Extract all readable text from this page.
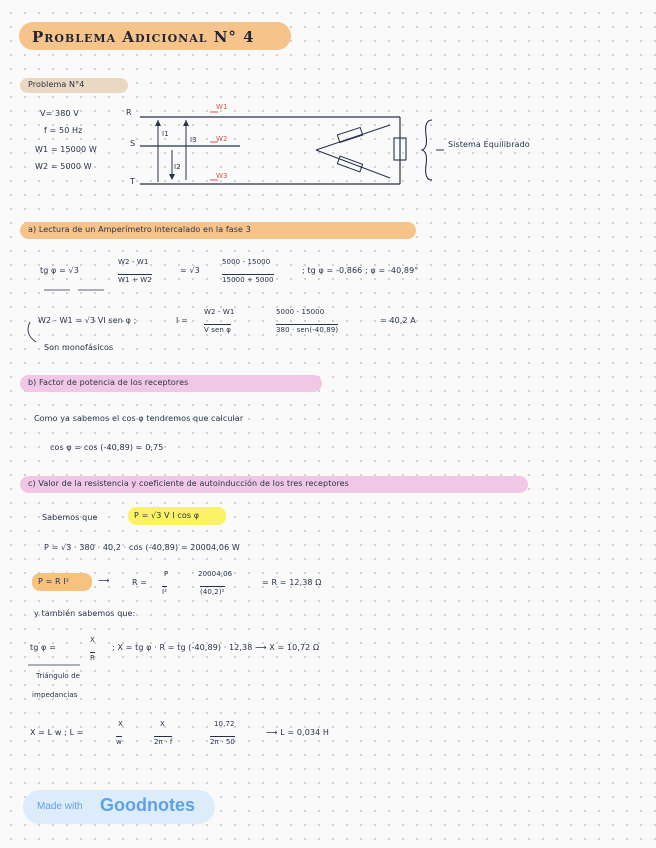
Problema Adicional N° 4
Problema N°4
V= 380 V
f = 50 Hz
W1 = 15000 W
W2 = 5000 W
R
S
T
I1
I2
I3
W1
W2
W3
Sistema Equilibrado
a) Lectura de un Amperímetro intercalado en la fase 3
tg φ = √3
W2 - W1
W1 + W2
= √3
5000 - 15000
15000 + 5000
; tg φ = -0,866 ; φ = -40,89°
W2 - W1 = √3 VI sen φ ;	I =
W2 - W1
V sen φ
5000 - 15000
380 · sen(-40,89)
= 40,2 A
Son monofásicos
b) Factor de potencia de los receptores
Como ya sabemos el cos φ tendremos que calcular
cos φ = cos (-40,89) = 0,75
c) Valor de la resistencia y coeficiente de autoinducción de los tres receptores
Sabemos que	P = √3 V I cos φ
P = √3 · 380 · 40,2 · cos (-40,89) = 20004,06 W
P = R I²	⟶	R =
P
I²
20004,06
(40,2)²
= R = 12,38 Ω
y también sabemos que:
tg φ =
X
R
; X = tg φ · R = tg (-40,89) · 12,38 ⟶ X = 10,72 Ω
Triángulo de
impedancias
X = L w ; L =
X
w
X
2π · f
10,72
2π · 50
⟶ L = 0,034 H
Made with Goodnotes
